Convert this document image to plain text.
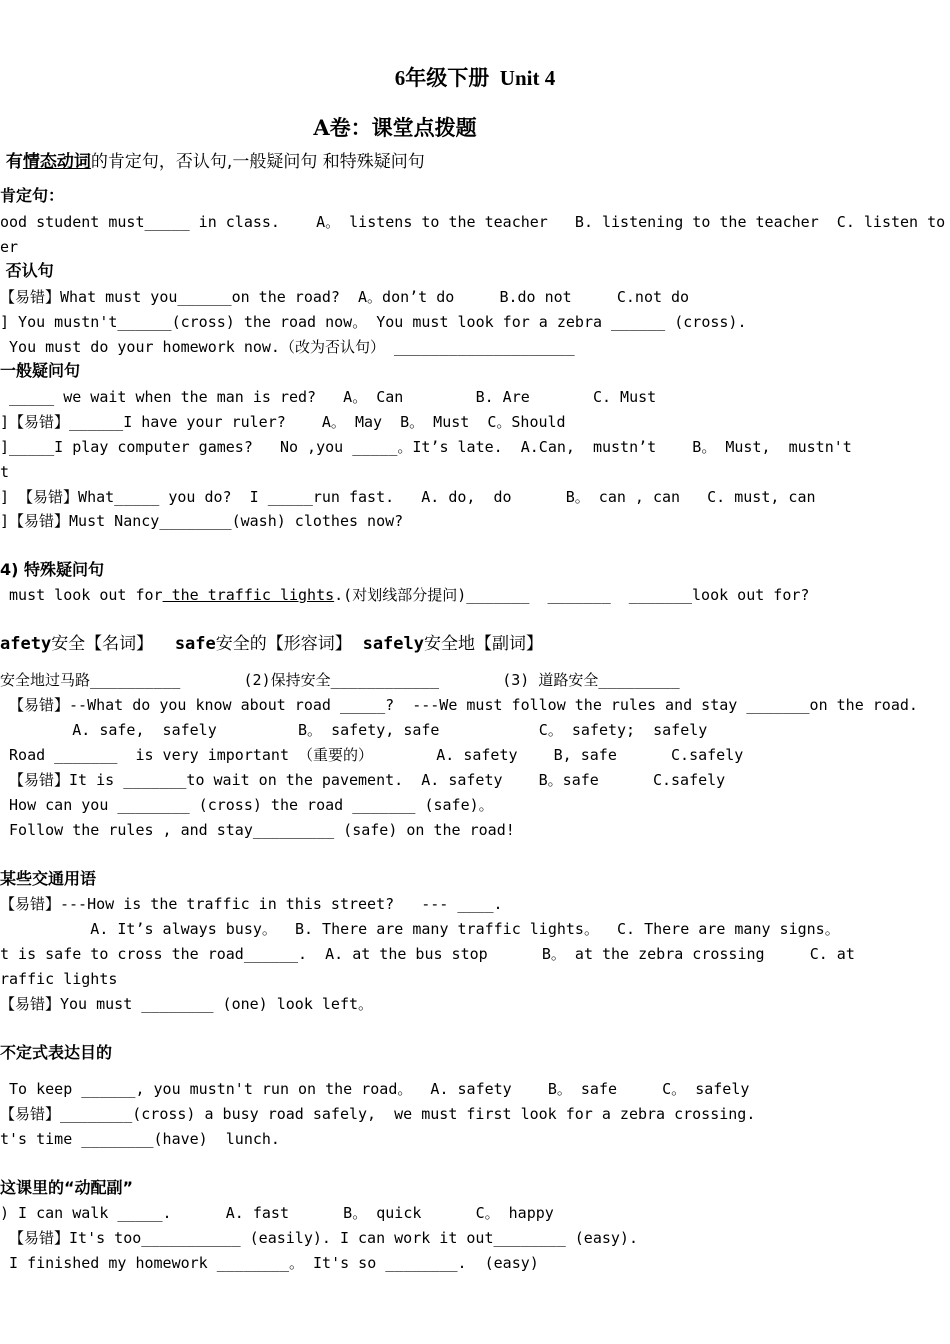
6年级下册  Unit 4
A卷：课堂点拨题
有情态动词的肯定句，否认句,一般疑问句 和特殊疑问句
肯定句：
ood student must_____ in class.    A。 listens to the teacher   B. listening to the teacher  C. listen to
er
否认句
【易错】What must you______on the road?  A。don’t do     B.do not     C.not do
] You mustn't______(cross) the road now。 You must look for a zebra ______ (cross).
You must do your homework now.（改为否认句） ____________________
一般疑问句
_____ we wait when the man is red?   A。 Can        B. Are       C. Must
]【易错】______I have your ruler?    A。 May  B。 Must  C。Should
]_____I play computer games?   No ,you _____。It’s late.  A.Can,  mustn’t    B。 Must,  mustn't
t
] 【易错】What_____ you do?  I _____run fast.   A. do,  do      B。 can , can   C. must, can
]【易错】Must Nancy________(wash) clothes now?
4) 特殊疑问句
must look out for the traffic lights.(对划线部分提问)_______  _______  _______look out for?
afety安全【名词】    safe安全的【形容词】  safely安全地【副词】
安全地过马路__________       (2)保持安全____________       (3) 道路安全_________
【易错】--What do you know about road _____?  ---We must follow the rules and stay _______on the road.
A. safe,  safely         B。 safety, safe           C。 safety;  safely
Road _______  is very important （重要的）       A. safety    B, safe      C.safely
【易错】It is _______to wait on the pavement.  A. safety    B。safe      C.safely
How can you ________ (cross) the road _______ (safe)。
Follow the rules , and stay_________ (safe) on the road!
某些交通用语
【易错】---How is the traffic in this street?   --- ____.
A. It’s always busy。  B. There are many traffic lights。  C. There are many signs。
t is safe to cross the road______.  A. at the bus stop      B。 at the zebra crossing     C. at
raffic lights
【易错】You must ________ (one) look left。
不定式表达目的
To keep ______, you mustn't run on the road。  A. safety    B。 safe     C。 safely
【易错】________(cross) a busy road safely,  we must first look for a zebra crossing.
t's time ________(have)  lunch.
这课里的“动配副”
) I can walk _____.      A. fast      B。 quick      C。 happy
【易错】It's too___________ (easily). I can work it out________ (easy).
I finished my homework ________。 It's so ________.  (easy)
